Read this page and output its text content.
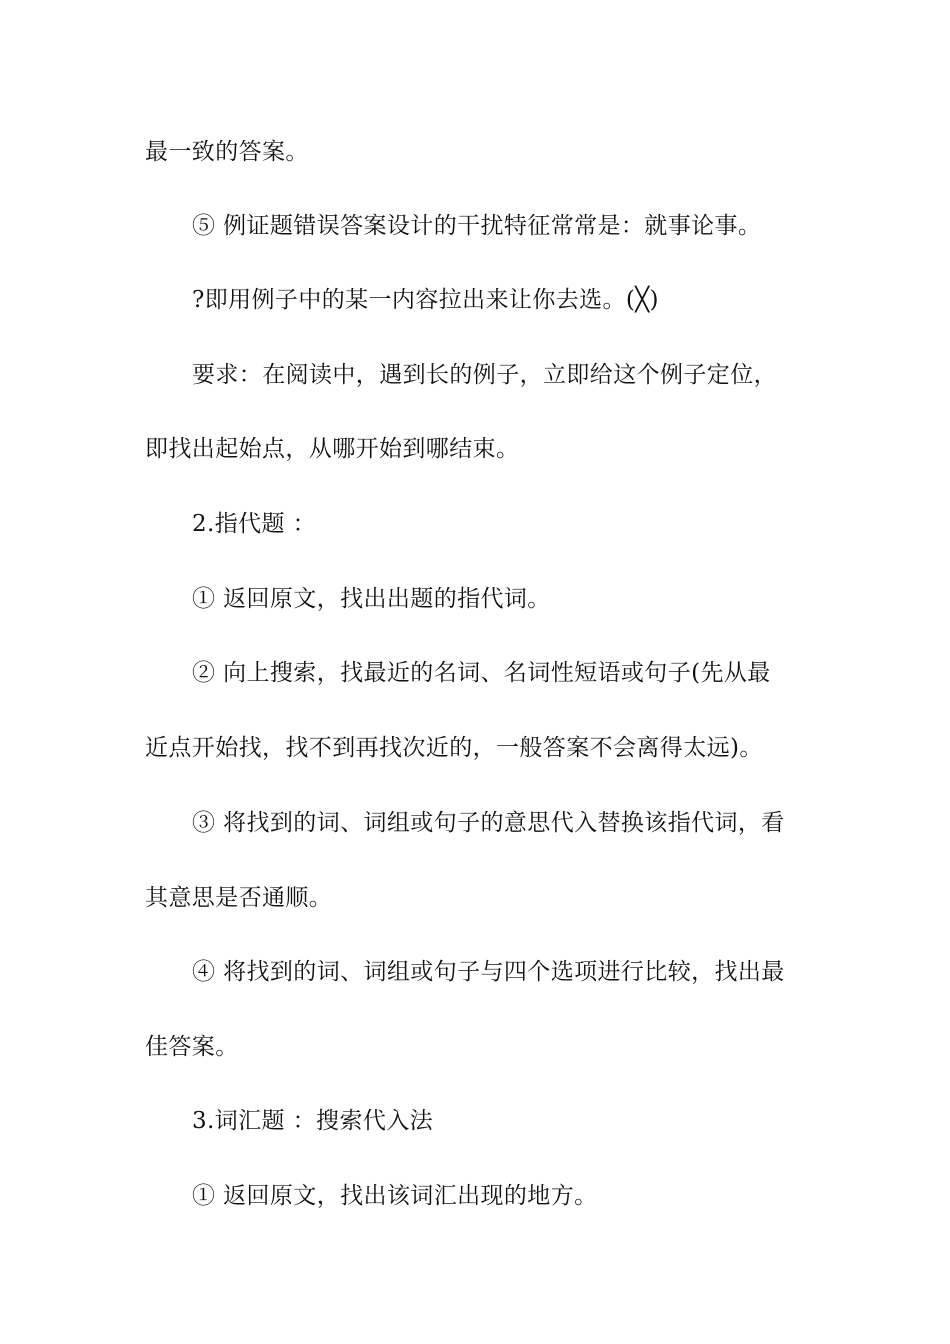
最一致的答案。
⑤ 例证题错误答案设计的干扰特征常常是：就事论事。
?即用例子中的某一内容拉出来让你去选。(╳)
要求：在阅读中，遇到长的例子，立即给这个例子定位，
即找出起始点，从哪开始到哪结束。
2.指代题 ：
① 返回原文，找出出题的指代词。
② 向上搜索，找最近的名词、名词性短语或句子(先从最
近点开始找，找不到再找次近的，一般答案不会离得太远)。
③ 将找到的词、词组或句子的意思代入替换该指代词，看
其意思是否通顺。
④ 将找到的词、词组或句子与四个选项进行比较，找出最
佳答案。
3.词汇题 ：搜索代入法
① 返回原文，找出该词汇出现的地方。
